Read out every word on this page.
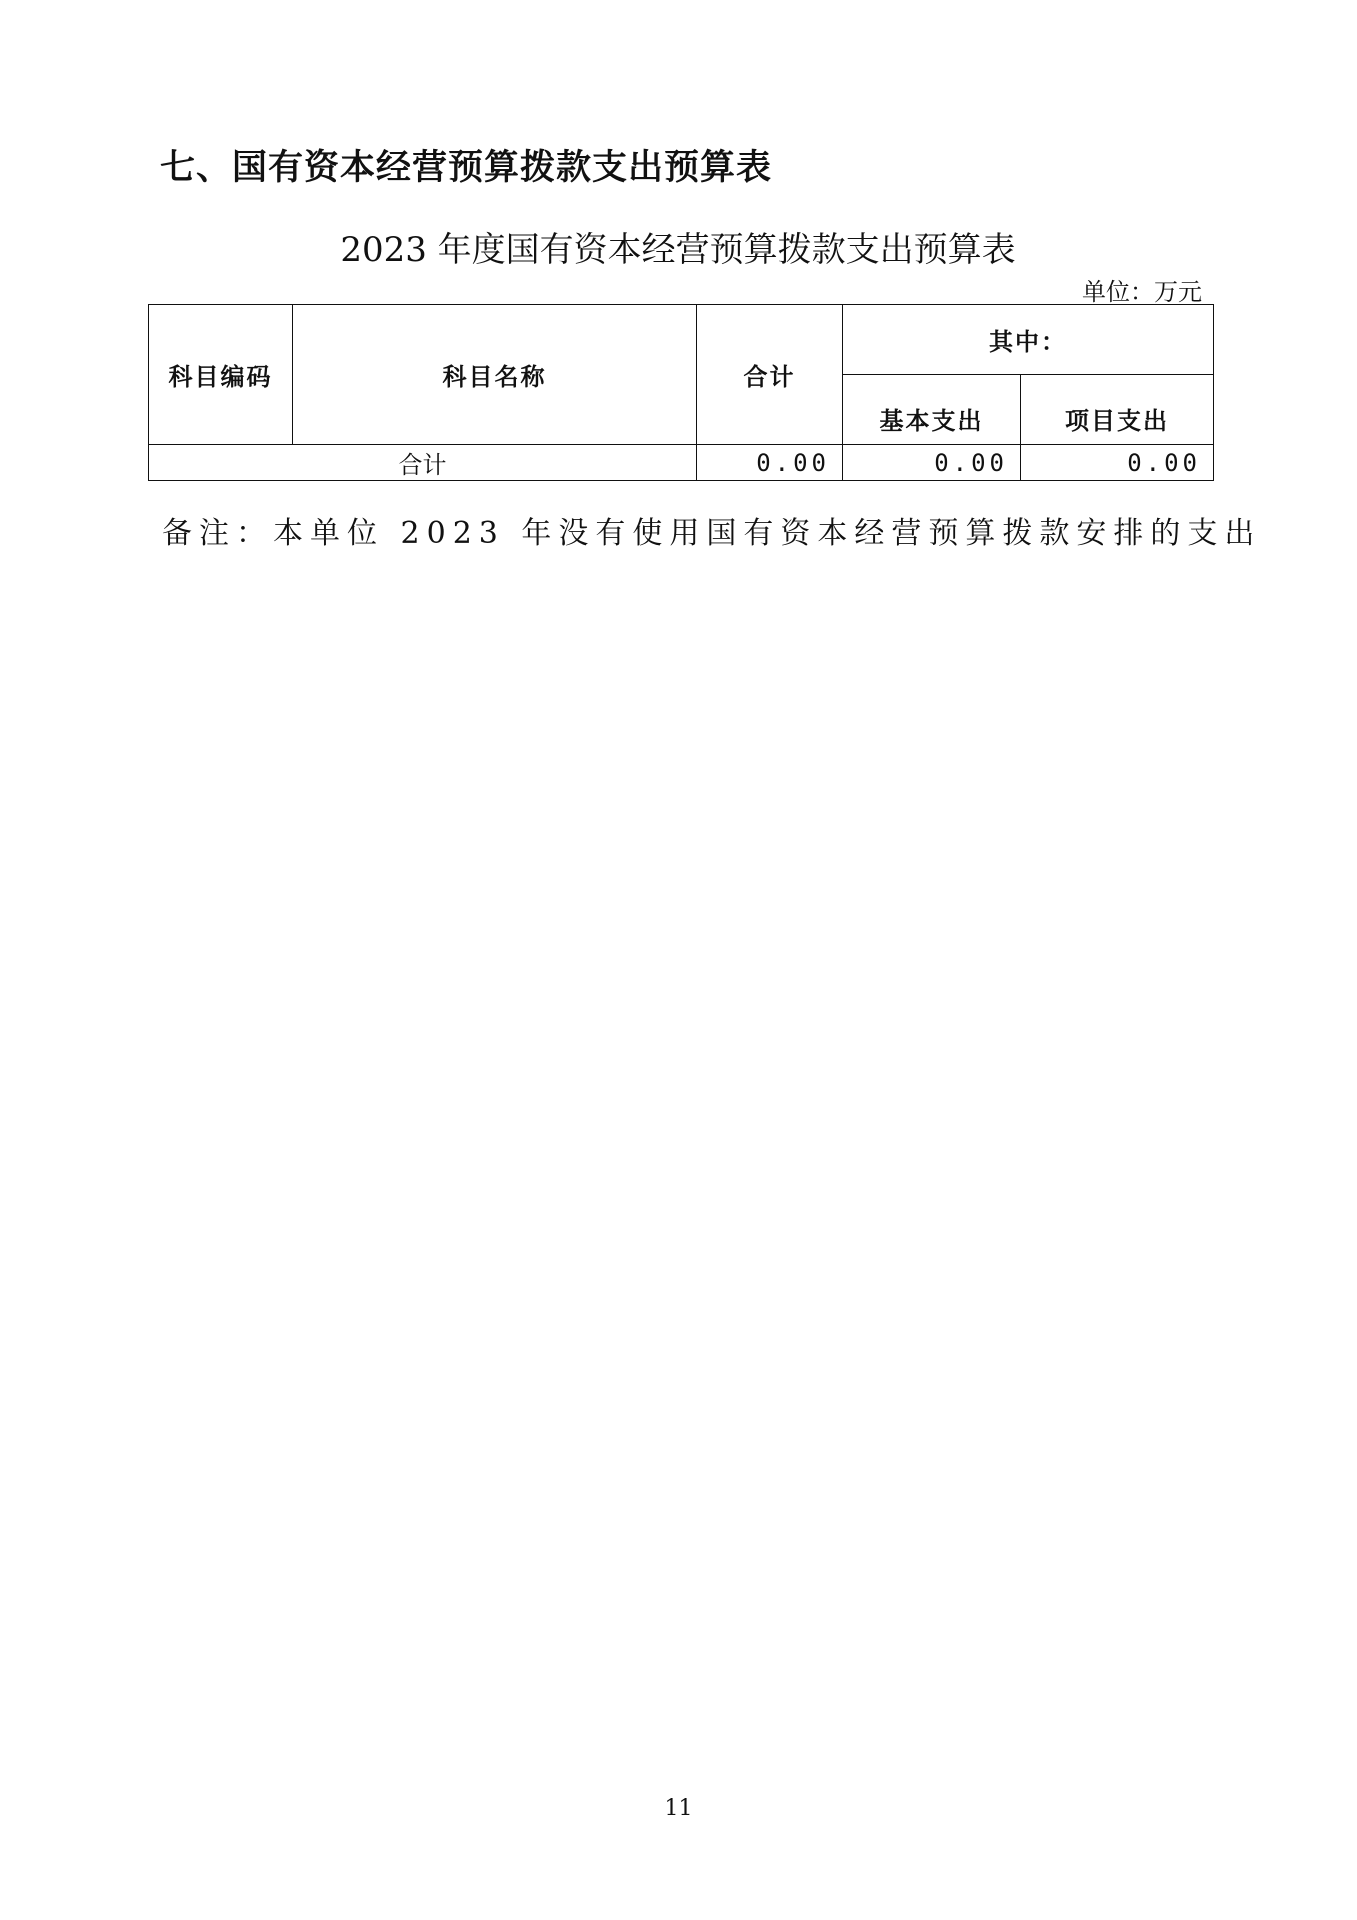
七、国有资本经营预算拨款支出预算表
2023 年度国有资本经营预算拨款支出预算表
单位：万元
科目编码	科目名称	合计	其中：	
			基本支出	项目支出
合计		0.00	0.00	0.00
备注：本单位 2023 年没有使用国有资本经营预算拨款安排的支出
11
